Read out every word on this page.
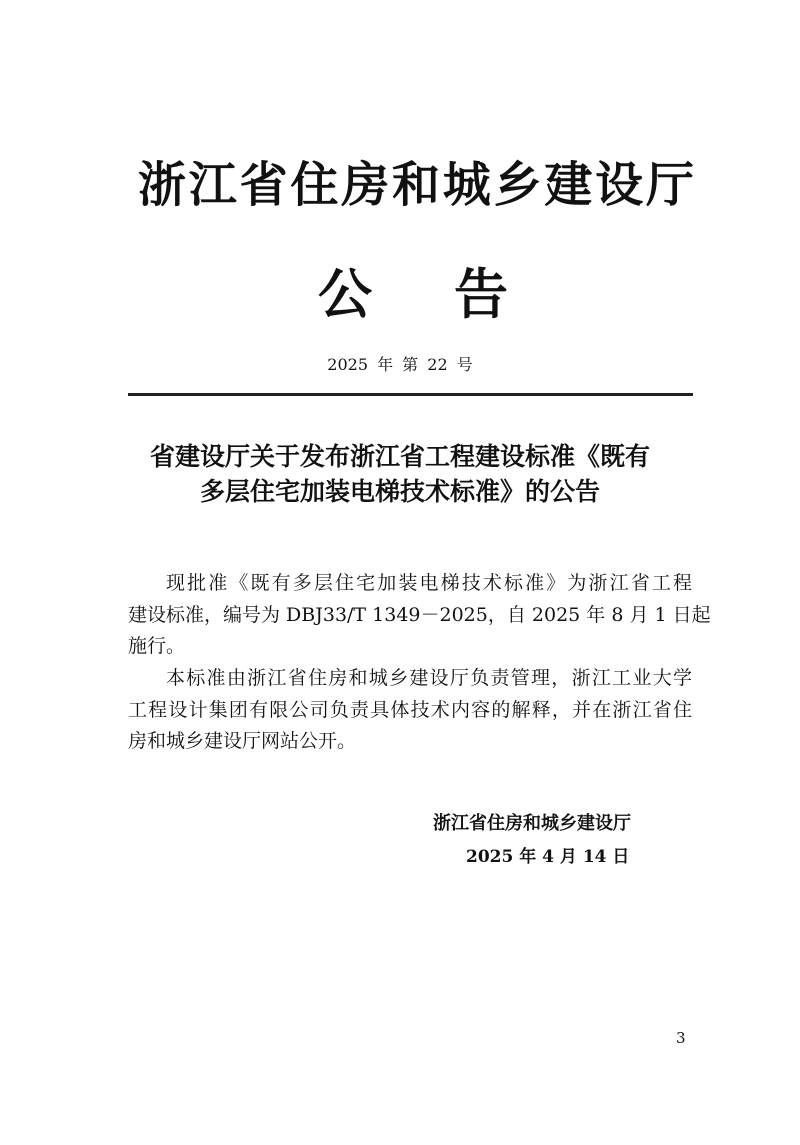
浙江省住房和城乡建设厅
公告
2025 年 第 22 号
省建设厅关于发布浙江省工程建设标准《既有
多层住宅加装电梯技术标准》的公告
现批准《既有多层住宅加装电梯技术标准》为浙江省工程
建设标准，编号为 DBJ33/T 1349－2025，自 2025 年 8 月 1 日起
施行。
本标准由浙江省住房和城乡建设厅负责管理，浙江工业大学
工程设计集团有限公司负责具体技术内容的解释，并在浙江省住
房和城乡建设厅网站公开。
浙江省住房和城乡建设厅
2025 年 4 月 14 日
3
